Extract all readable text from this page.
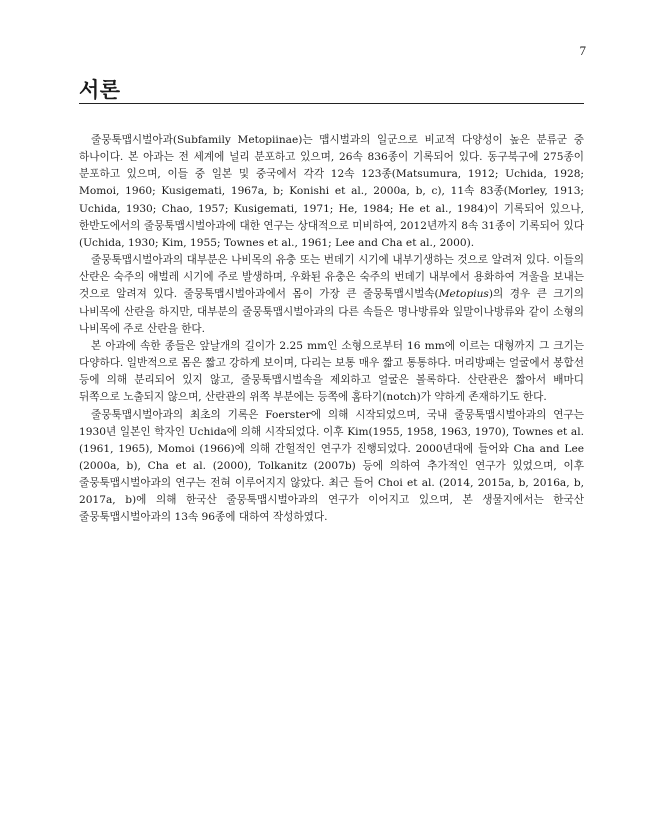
7
서론

줄뭉툭맵시벌아과(Subfamily Metopiinae)는 맵시벌과의 일군으로 비교적 다양성이 높은 분류군 중 하나이다. 본 아과는 전 세계에 널리 분포하고 있으며, 26속 836종이 기록되어 있다. 동구북구에 275종이 분포하고 있으며, 이들 중 일본 및 중국에서 각각 12속 123종(Matsumura, 1912; Uchida, 1928; Momoi, 1960; Kusigemati, 1967a, b; Konishi et al., 2000a, b, c), 11속 83종(Morley, 1913; Uchida, 1930; Chao, 1957; Kusigemati, 1971; He, 1984; He et al., 1984)이 기록되어 있으나, 한반도에서의 줄뭉툭맵시벌아과에 대한 연구는 상대적으로 미비하여, 2012년까지 8속 31종이 기록되어 있다(Uchida, 1930; Kim, 1955; Townes et al., 1961; Lee and Cha et al., 2000).

줄뭉툭맵시벌아과의 대부분은 나비목의 유충 또는 번데기 시기에 내부기생하는 것으로 알려져 있다. 이들의 산란은 숙주의 애벌레 시기에 주로 발생하며, 우화된 유충은 숙주의 번데기 내부에서 용화하여 겨울을 보내는 것으로 알려져 있다. 줄뭉툭맵시벌아과에서 몸이 가장 큰 줄뭉툭맵시벌속(Metopius)의 경우 큰 크기의 나비목에 산란을 하지만, 대부분의 줄뭉툭맵시벌아과의 다른 속들은 명나방류와 잎말이나방류와 같이 소형의 나비목에 주로 산란을 한다.

본 아과에 속한 종들은 앞날개의 길이가 2.25 mm인 소형으로부터 16 mm에 이르는 대형까지 그 크기는 다양하다. 일반적으로 몸은 짧고 강하게 보이며, 다리는 보통 매우 짧고 통통하다. 머리방패는 얼굴에서 봉합선 등에 의해 분리되어 있지 않고, 줄뭉툭맵시벌속을 제외하고 얼굴은 볼록하다. 산란관은 짧아서 배마디 뒤쪽으로 노출되지 않으며, 산란관의 위쪽 부분에는 등쪽에 홈타기(notch)가 약하게 존재하기도 한다.

줄뭉툭맵시벌아과의 최초의 기록은 Foerster에 의해 시작되었으며, 국내 줄뭉툭맵시벌아과의 연구는 1930년 일본인 학자인 Uchida에 의해 시작되었다. 이후 Kim(1955, 1958, 1963, 1970), Townes et al. (1961, 1965), Momoi (1966)에 의해 간헐적인 연구가 진행되었다. 2000년대에 들어와 Cha and Lee (2000a, b), Cha et al. (2000), Tolkanitz (2007b) 등에 의하여 추가적인 연구가 있었으며, 이후 줄뭉툭맵시벌아과의 연구는 전혀 이루어지지 않았다. 최근 들어 Choi et al. (2014, 2015a, b, 2016a, b, 2017a, b)에 의해 한국산 줄뭉툭맵시벌아과의 연구가 이어지고 있으며, 본 생물지에서는 한국산 줄뭉툭맵시벌아과의 13속 96종에 대하여 작성하였다.
